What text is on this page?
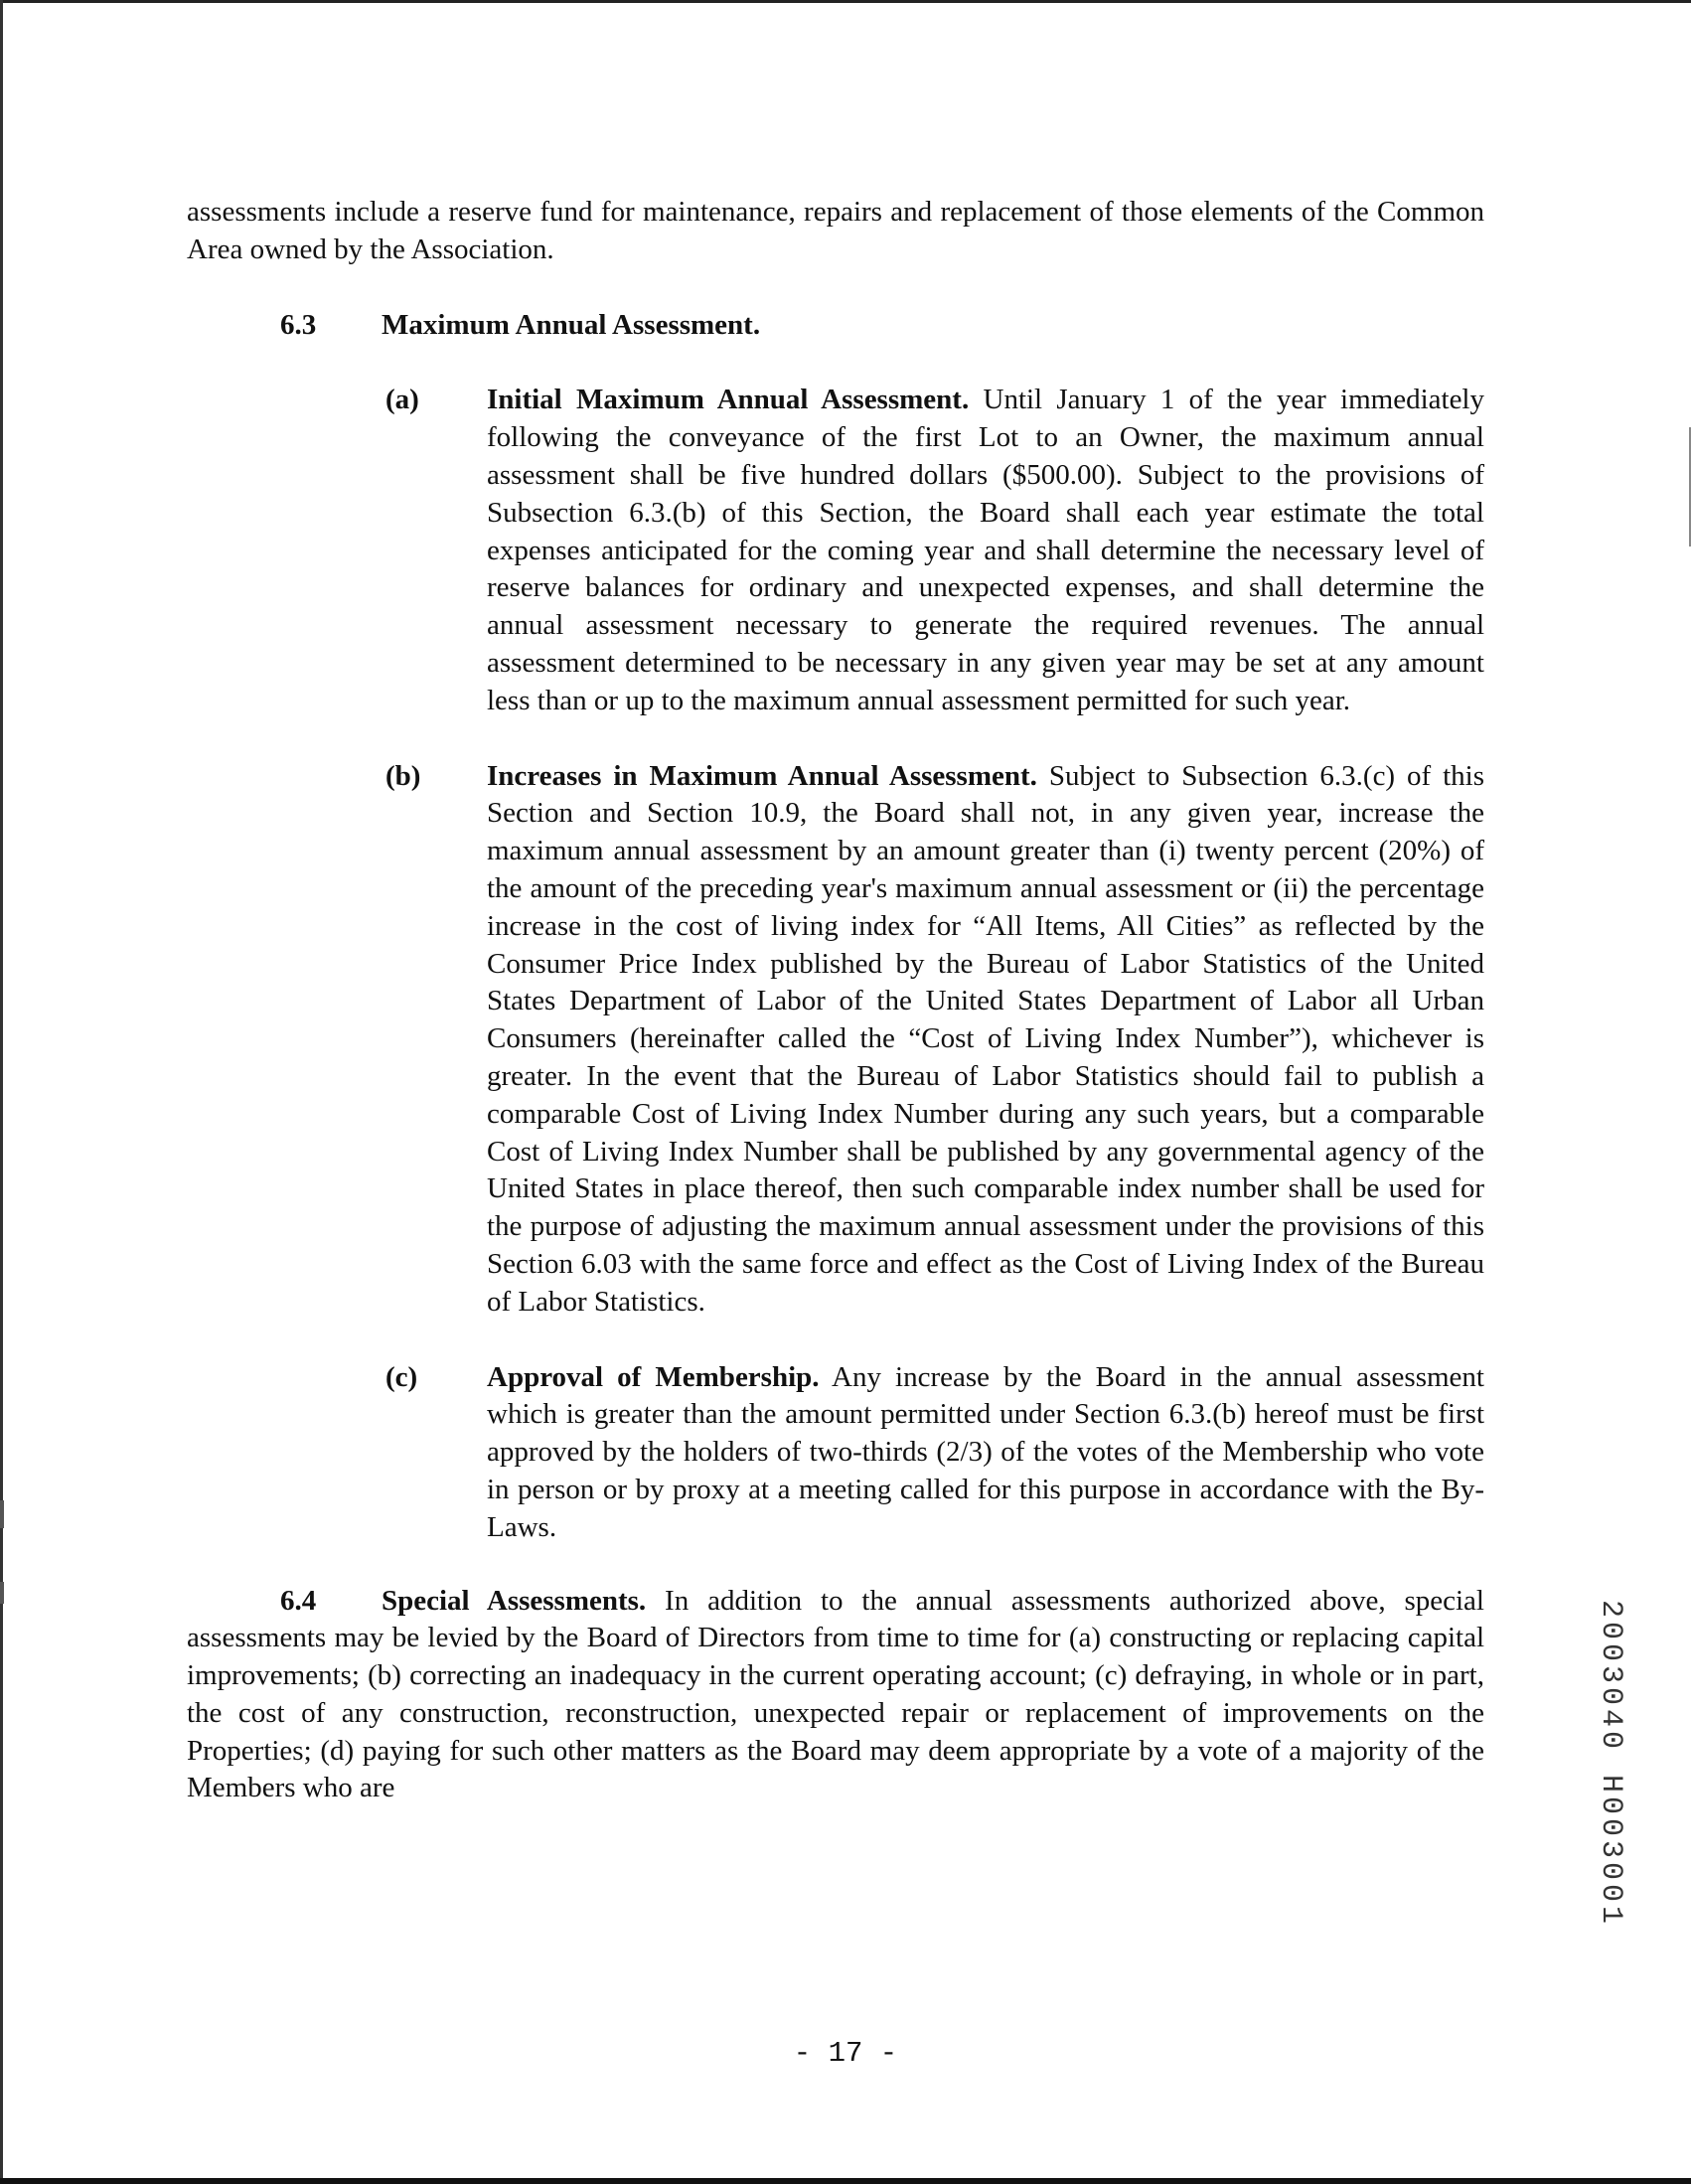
assessments include a reserve fund for maintenance, repairs and replacement of those elements of the Common Area owned by the Association.

6.3	Maximum Annual Assessment.
(a)	Initial Maximum Annual Assessment. Until January 1 of the year immediately following the conveyance of the first Lot to an Owner, the maximum annual assessment shall be five hundred dollars ($500.00). Subject to the provisions of Subsection 6.3.(b) of this Section, the Board shall each year estimate the total expenses anticipated for the coming year and shall determine the necessary level of reserve balances for ordinary and unexpected expenses, and shall determine the annual assessment necessary to generate the required revenues. The annual assessment determined to be necessary in any given year may be set at any amount less than or up to the maximum annual assessment permitted for such year.

(b)	Increases in Maximum Annual Assessment. Subject to Subsection 6.3.(c) of this Section and Section 10.9, the Board shall not, in any given year, increase the maximum annual assessment by an amount greater than (i) twenty percent (20%) of the amount of the preceding year's maximum annual assessment or (ii) the percentage increase in the cost of living index for “All Items, All Cities” as reflected by the Consumer Price Index published by the Bureau of Labor Statistics of the United States Department of Labor of the United States Department of Labor all Urban Consumers (hereinafter called the “Cost of Living Index Number”), whichever is greater. In the event that the Bureau of Labor Statistics should fail to publish a comparable Cost of Living Index Number during any such years, but a comparable Cost of Living Index Number shall be published by any governmental agency of the United States in place thereof, then such comparable index number shall be used for the purpose of adjusting the maximum annual assessment under the provisions of this Section 6.03 with the same force and effect as the Cost of Living Index of the Bureau of Labor Statistics.

(c)	Approval of Membership. Any increase by the Board in the annual assessment which is greater than the amount permitted under Section 6.3.(b) hereof must be first approved by the holders of two-thirds (2/3) of the votes of the Membership who vote in person or by proxy at a meeting called for this purpose in accordance with the By-Laws.

6.4 Special Assessments. In addition to the annual assessments authorized above, special assessments may be levied by the Board of Directors from time to time for (a) constructing or replacing capital improvements; (b) correcting an inadequacy in the current operating account; (c) defraying, in whole or in part, the cost of any construction, reconstruction, unexpected repair or replacement of improvements on the Properties; (d) paying for such other matters as the Board may deem appropriate by a vote of a majority of the Members who are	2003040 H003001
- 17 -
